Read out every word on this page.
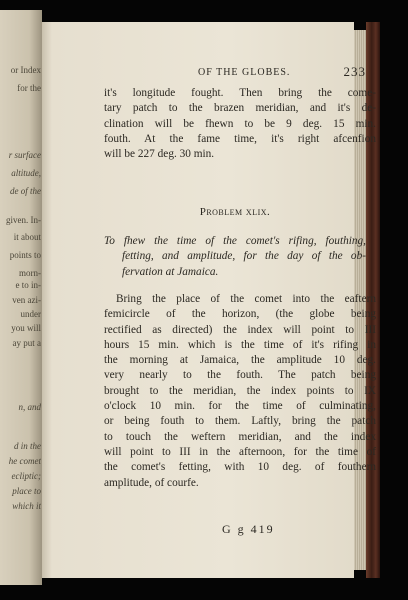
or Index
for the
r surface
altitude,
de of the
given. In-
it about
points to
morn-
e to in-
ven azi-
under
you will
ay put a
n, and
d in the
he comet
ecliptic;
place to
which it
OF THE GLOBES.	233
it's longitude fought. Then bring the come-
tary patch to the brazen meridian, and it's de-
clination will be fhewn to be 9 deg. 15 min.
fouth. At the fame time, it's right afcenfion
will be 227 deg. 30 min.
Problem xlix.
To fhew the time of the comet's rifing, fouthing,
fetting, and amplitude, for the day of the ob-
fervation at Jamaica.
Bring the place of the comet into the eaftern
femicircle of the horizon, (the globe being
rectified as directed) the index will point to III
hours 15 min. which is the time of it's rifing in
the morning at Jamaica, the amplitude 10 deg.
very nearly to the fouth. The patch being
brought to the meridian, the index points to IX
o'clock 10 min. for the time of culminating,
or being fouth to them. Laftly, bring the patch
to touch the weftern meridian, and the index
will point to III in the afternoon, for the time of
the comet's fetting, with 10 deg. of fouthern
amplitude, of courfe.
G g 419
